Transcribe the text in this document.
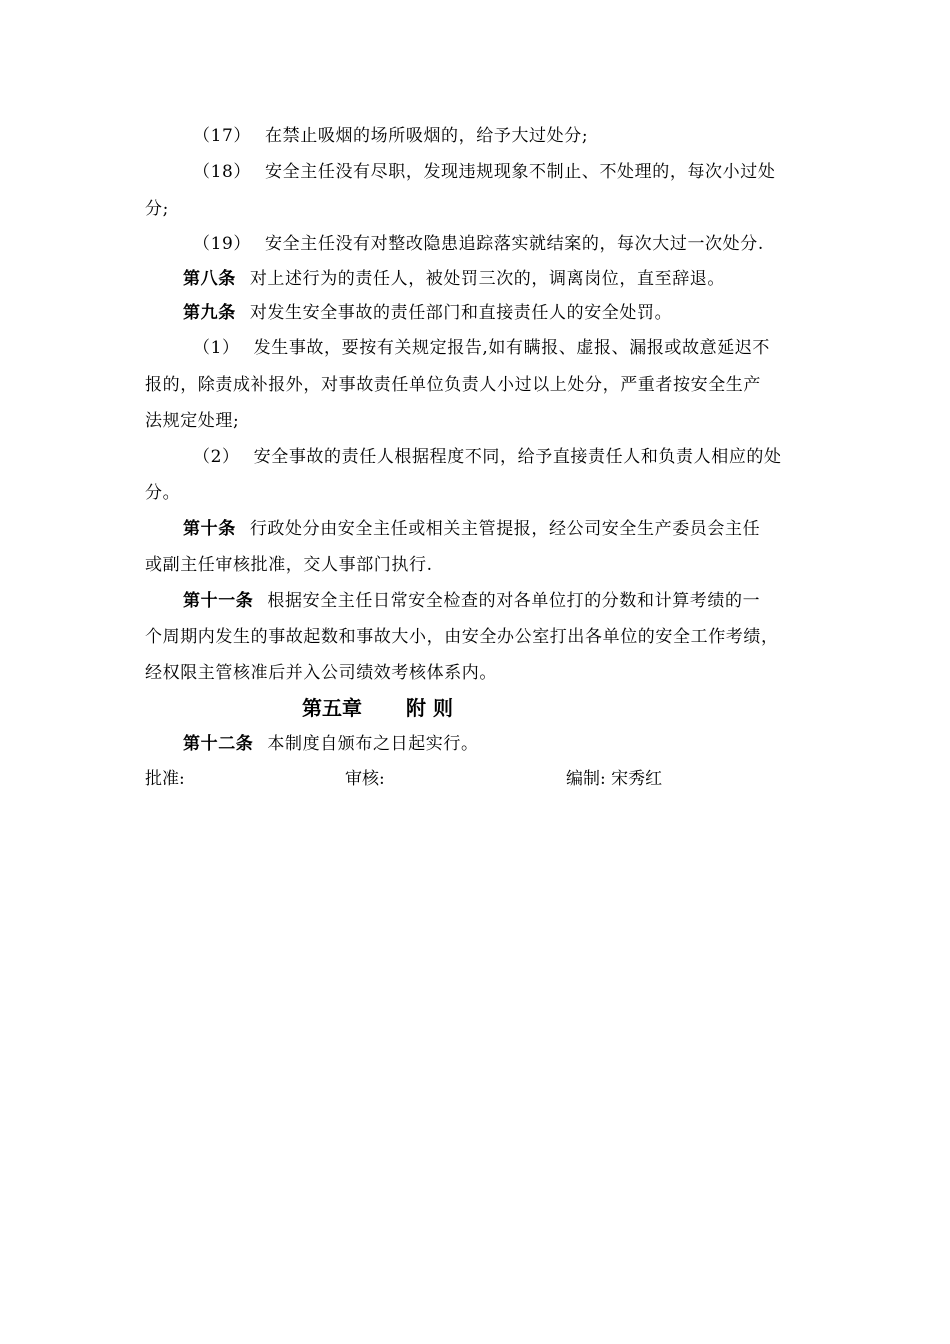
（17） 在禁止吸烟的场所吸烟的，给予大过处分;
（18） 安全主任没有尽职，发现违规现象不制止、不处理的，每次小过处
分;
（19） 安全主任没有对整改隐患追踪落实就结案的，每次大过一次处分.
第八条 对上述行为的责任人，被处罚三次的，调离岗位，直至辞退。
第九条 对发生安全事故的责任部门和直接责任人的安全处罚。
（1） 发生事故，要按有关规定报告,如有瞒报、虚报、漏报或故意延迟不
报的，除责成补报外，对事故责任单位负责人小过以上处分，严重者按安全生产
法规定处理;
（2） 安全事故的责任人根据程度不同，给予直接责任人和负责人相应的处
分。
第十条 行政处分由安全主任或相关主管提报，经公司安全生产委员会主任
或副主任审核批准，交人事部门执行.
第十一条 根据安全主任日常安全检查的对各单位打的分数和计算考绩的一
个周期内发生的事故起数和事故大小，由安全办公室打出各单位的安全工作考绩，
经权限主管核准后并入公司绩效考核体系内。
第五章 附 则
第十二条 本制度自颁布之日起实行。
批准:	审核:	编制: 宋秀红
